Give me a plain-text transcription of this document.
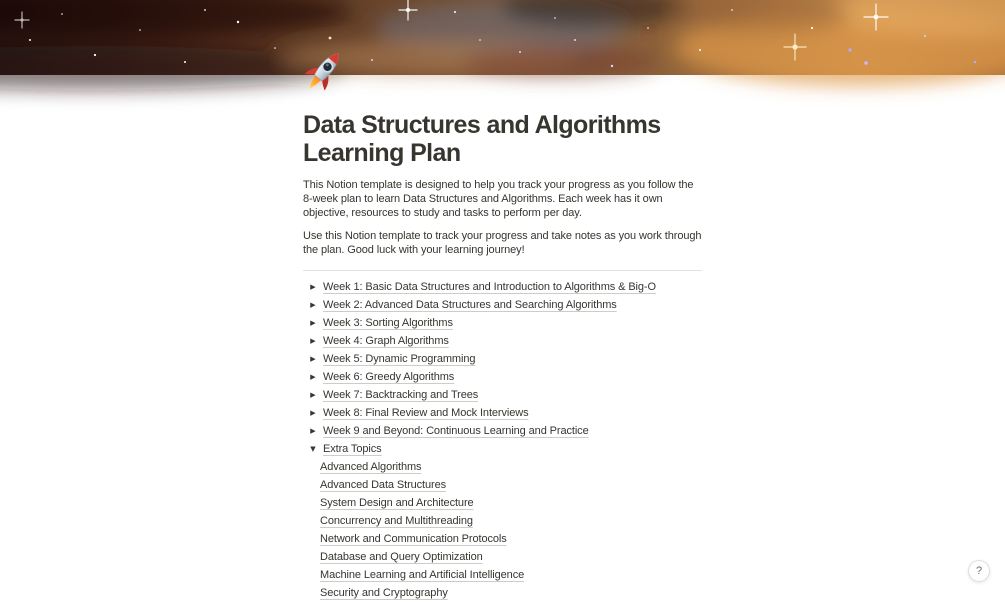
Data Structures and Algorithms
Learning Plan

This Notion template is designed to help you track your progress as you follow the 8-week plan to learn Data Structures and Algorithms. Each week has it own objective, resources to study and tasks to perform per day.

Use this Notion template to track your progress and take notes as you work through the plan. Good luck with your learning journey!

▶ Week 1: Basic Data Structures and Introduction to Algorithms & Big-O
▶ Week 2: Advanced Data Structures and Searching Algorithms
▶ Week 3: Sorting Algorithms
▶ Week 4: Graph Algorithms
▶ Week 5: Dynamic Programming
▶ Week 6: Greedy Algorithms
▶ Week 7: Backtracking and Trees
▶ Week 8: Final Review and Mock Interviews
▶ Week 9 and Beyond: Continuous Learning and Practice
▼ Extra Topics
Advanced Algorithms
Advanced Data Structures
System Design and Architecture
Concurrency and Multithreading
Network and Communication Protocols
Database and Query Optimization
Machine Learning and Artificial Intelligence
Security and Cryptography
?
